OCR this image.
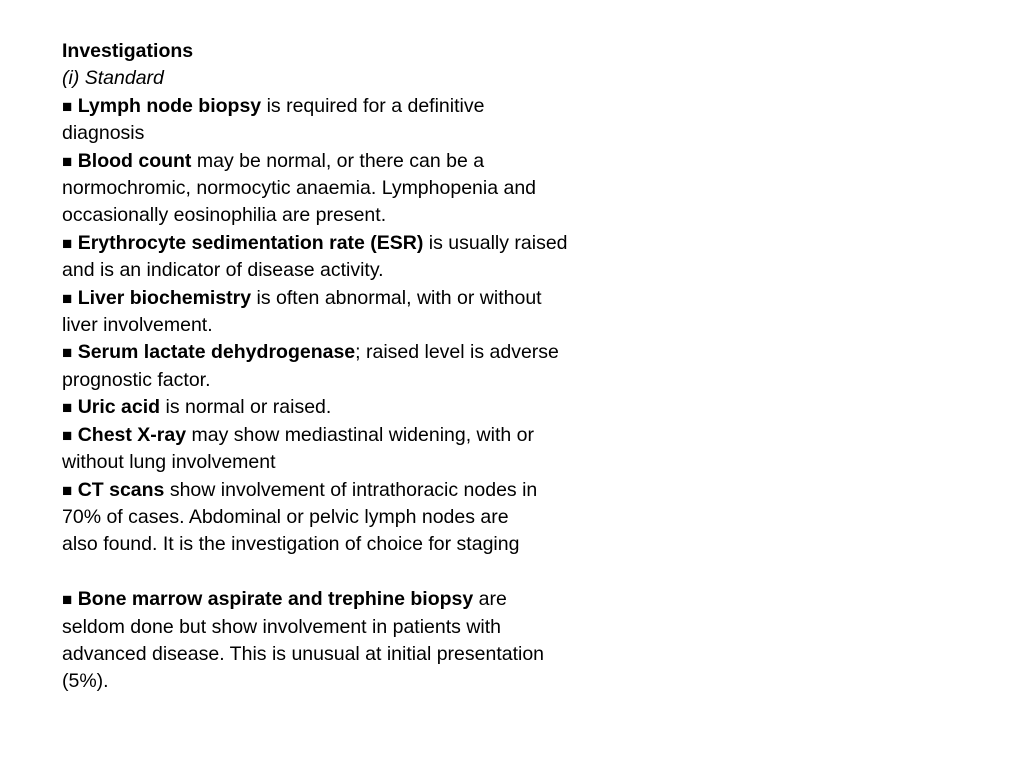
Investigations
(i) Standard
■ Lymph node biopsy is required for a definitive
diagnosis
■ Blood count may be normal, or there can be a
normochromic, normocytic anaemia. Lymphopenia and
occasionally eosinophilia are present.
■ Erythrocyte sedimentation rate (ESR) is usually raised
and is an indicator of disease activity.
■ Liver biochemistry is often abnormal, with or without
liver involvement.
■ Serum lactate dehydrogenase; raised level is adverse
prognostic factor.
■ Uric acid is normal or raised.
■ Chest X-ray may show mediastinal widening, with or
without lung involvement
■ CT scans show involvement of intrathoracic nodes in
70% of cases. Abdominal or pelvic lymph nodes are
also found. It is the investigation of choice for staging
■ Bone marrow aspirate and trephine biopsy are
seldom done but show involvement in patients with
advanced disease. This is unusual at initial presentation
(5%).
